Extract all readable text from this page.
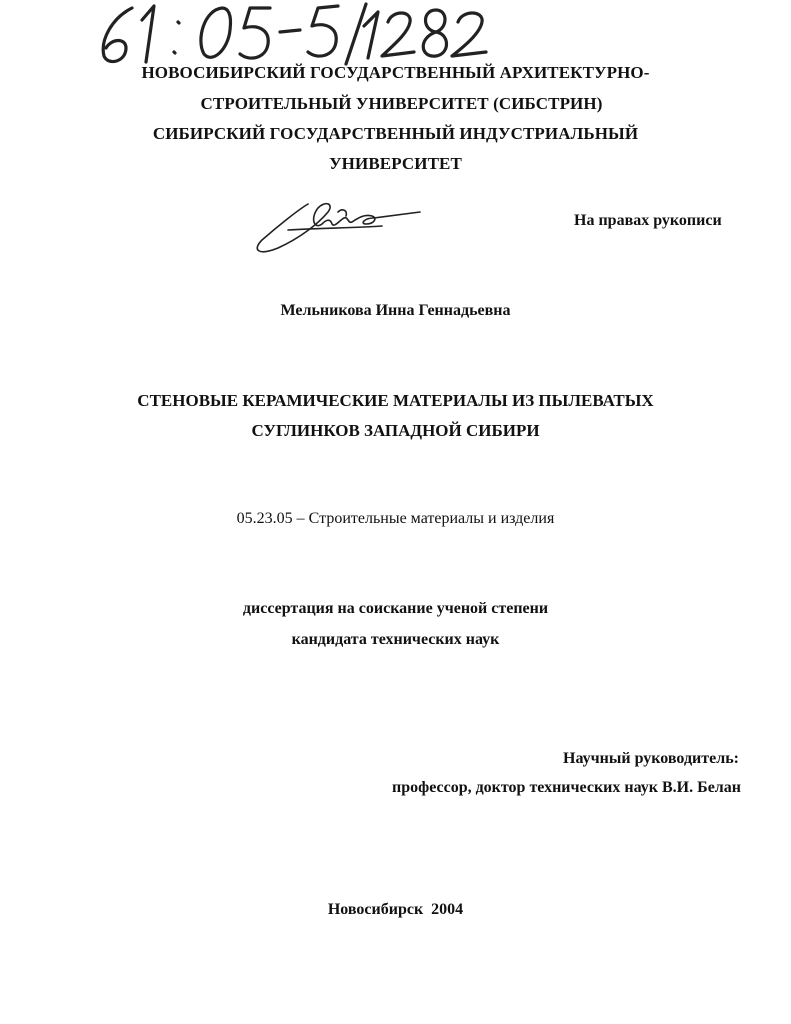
НОВОСИБИРСКИЙ ГОСУДАРСТВЕННЫЙ АРХИТЕКТУРНО-
СТРОИТЕЛЬНЫЙ УНИВЕРСИТЕТ (СИБСТРИН)
СИБИРСКИЙ ГОСУДАРСТВЕННЫЙ ИНДУСТРИАЛЬНЫЙ
УНИВЕРСИТЕТ
На правах рукописи
Мельникова Инна Геннадьевна
СТЕНОВЫЕ КЕРАМИЧЕСКИЕ МАТЕРИАЛЫ ИЗ ПЫЛЕВАТЫХ
СУГЛИНКОВ ЗАПАДНОЙ СИБИРИ
05.23.05 – Строительные материалы и изделия
диссертация на соискание ученой степени
кандидата технических наук
Научный руководитель:
профессор, доктор технических наук В.И. Белан
Новосибирск  2004
